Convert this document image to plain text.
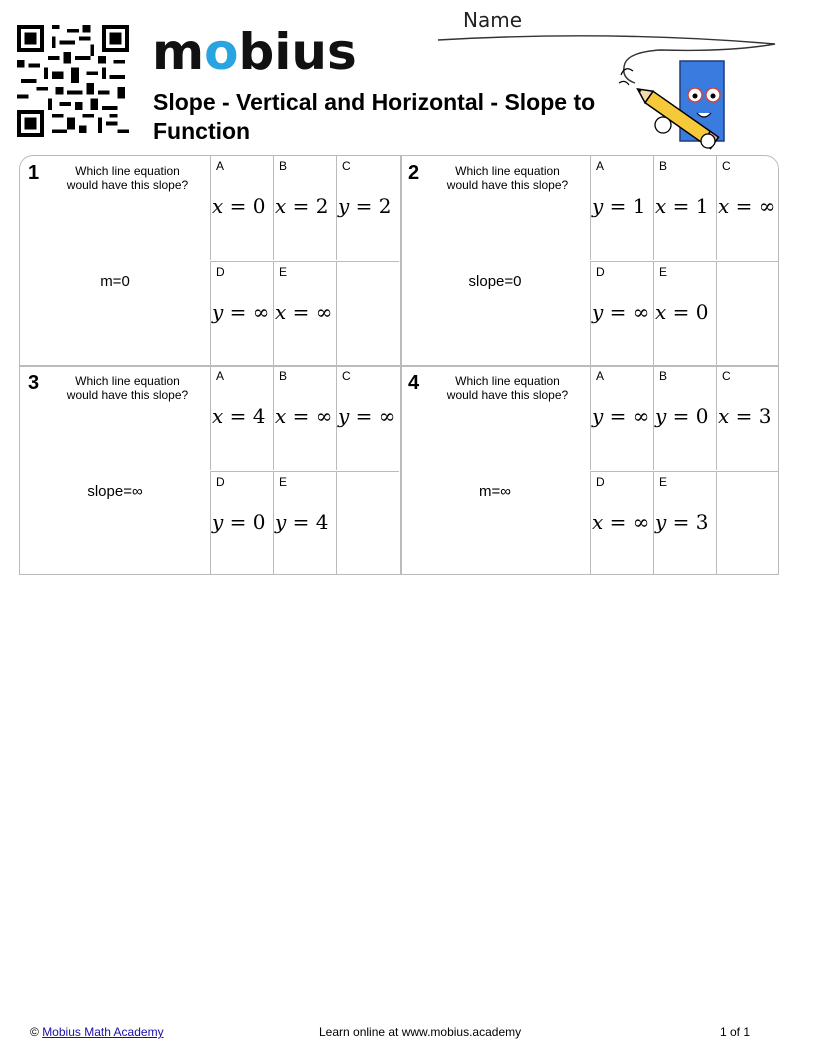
mobius
Slope - Vertical and Horizontal - Slope to Function
Name
1	Which line equation would have this slope?
m=0
A
x = 0
B
x = 2
C
y = 2
D
y = ∞
E
x = ∞
2	Which line equation would have this slope?
slope=0
A
y = 1
B
x = 1
C
x = ∞
D
y = ∞
E
x = 0
3	Which line equation would have this slope?
slope=∞
A
x = 4
B
x = ∞
C
y = ∞
D
y = 0
E
y = 4
4	Which line equation would have this slope?
m=∞
A
y = ∞
B
y = 0
C
x = 3
D
x = ∞
E
y = 3
© Mobius Math Academy	Learn online at www.mobius.academy	1 of 1
